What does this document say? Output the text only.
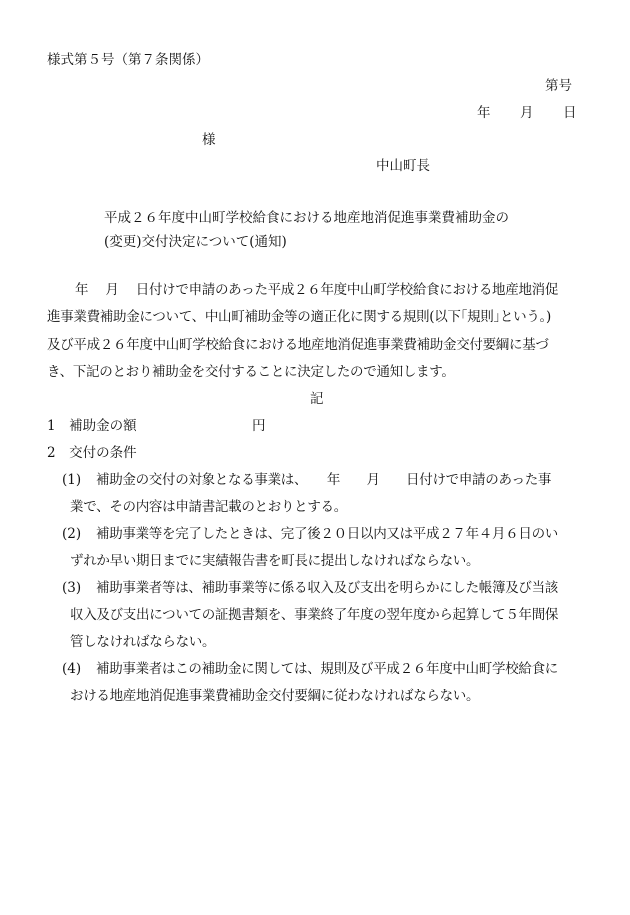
様式第５号（第７条関係）
第号
年 月 日
様
中山町長
平成２６年度中山町学校給食における地産地消促進事業費補助金の
(変更)交付決定について(通知)
年　 月　 日付けで申請のあった平成２６年度中山町学校給食における地産地消促
進事業費補助金について、中山町補助金等の適正化に関する規則(以下｢規則｣という。)
及び平成２６年度中山町学校給食における地産地消促進事業費補助金交付要綱に基づ
き、下記のとおり補助金を交付することに決定したので通知します。
記
1　補助金の額	円
2　交付の条件
(1) 補助金の交付の対象となる事業は、　　年　　月　　日付けで申請のあった事
業で、その内容は申請書記載のとおりとする。
(2) 補助事業等を完了したときは、完了後２０日以内又は平成２７年４月６日のい
ずれか早い期日までに実績報告書を町長に提出しなければならない。
(3) 補助事業者等は、補助事業等に係る収入及び支出を明らかにした帳簿及び当該
収入及び支出についての証拠書類を、事業終了年度の翌年度から起算して５年間保
管しなければならない。
(4) 補助事業者はこの補助金に関しては、規則及び平成２６年度中山町学校給食に
おける地産地消促進事業費補助金交付要綱に従わなければならない。
